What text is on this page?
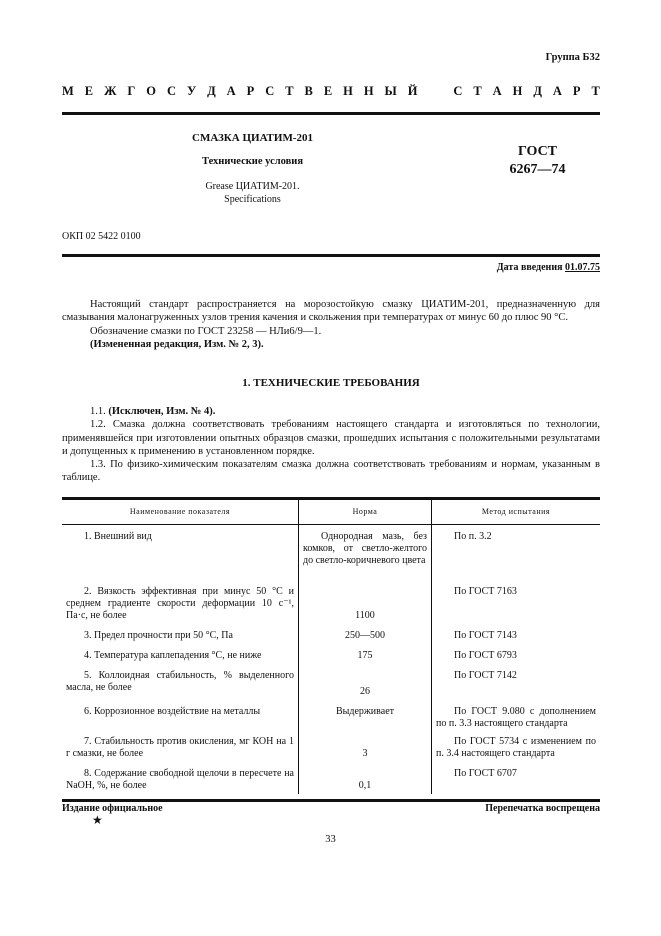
Группа Б32
М Е Ж Г О С У Д А Р С Т В Е Н Н Ы Й	С Т А Н Д А Р Т
СМАЗКА ЦИАТИМ-201
Технические условия
Grease ЦИАТИМ-201.
Specifications
ГОСТ
6267—74
ОКП 02 5422 0100
Дата введения 01.07.75

Настоящий стандарт распространяется на морозостойкую смазку ЦИАТИМ-201, предназначенную для смазывания малонагруженных узлов трения качения и скольжения при температурах от минус 60 до плюс 90 °С.

Обозначение смазки по ГОСТ 23258 — НЛи6/9—1.

(Измененная редакция, Изм. № 2, 3).

1. ТЕХНИЧЕСКИЕ ТРЕБОВАНИЯ

1.1. (Исключен, Изм. № 4).

1.2. Смазка должна соответствовать требованиям настоящего стандарта и изготовляться по технологии, применявшейся при изготовлении опытных образцов смазки, прошедших испытания с положительными результатами и допущенных к применению в установленном порядке.

1.3. По физико-химическим показателям смазка должна соответствовать требованиям и нормам, указанным в таблице.

Наименование показателя	Норма	Метод испытания
1. Внешний вид	Однородная мазь, без комков, от светло-желтого до светло-коричневого цвета	По п. 3.2
2. Вязкость эффективная при минус 50 °С и среднем градиенте скорости деформации 10 с⁻¹, Па·с, не более	1100	По ГОСТ 7163
3. Предел прочности при 50 °С, Па	250—500	По ГОСТ 7143
4. Температура каплепадения °С, не ниже	175	По ГОСТ 6793
5. Коллоидная стабильность, % выделенного масла, не более	26	По ГОСТ 7142
6. Коррозионное воздействие на металлы	Выдерживает	По ГОСТ 9.080 с дополнением по п. 3.3 настоящего стандарта
7. Стабильность против окисления, мг КОН на 1 г смазки, не более	3	По ГОСТ 5734 с изменением по п. 3.4 настоящего стандарта
8. Содержание свободной щелочи в пересчете на NaOH, %, не более	0,1	По ГОСТ 6707
Издание официальное	Перепечатка воспрещена
★
33
